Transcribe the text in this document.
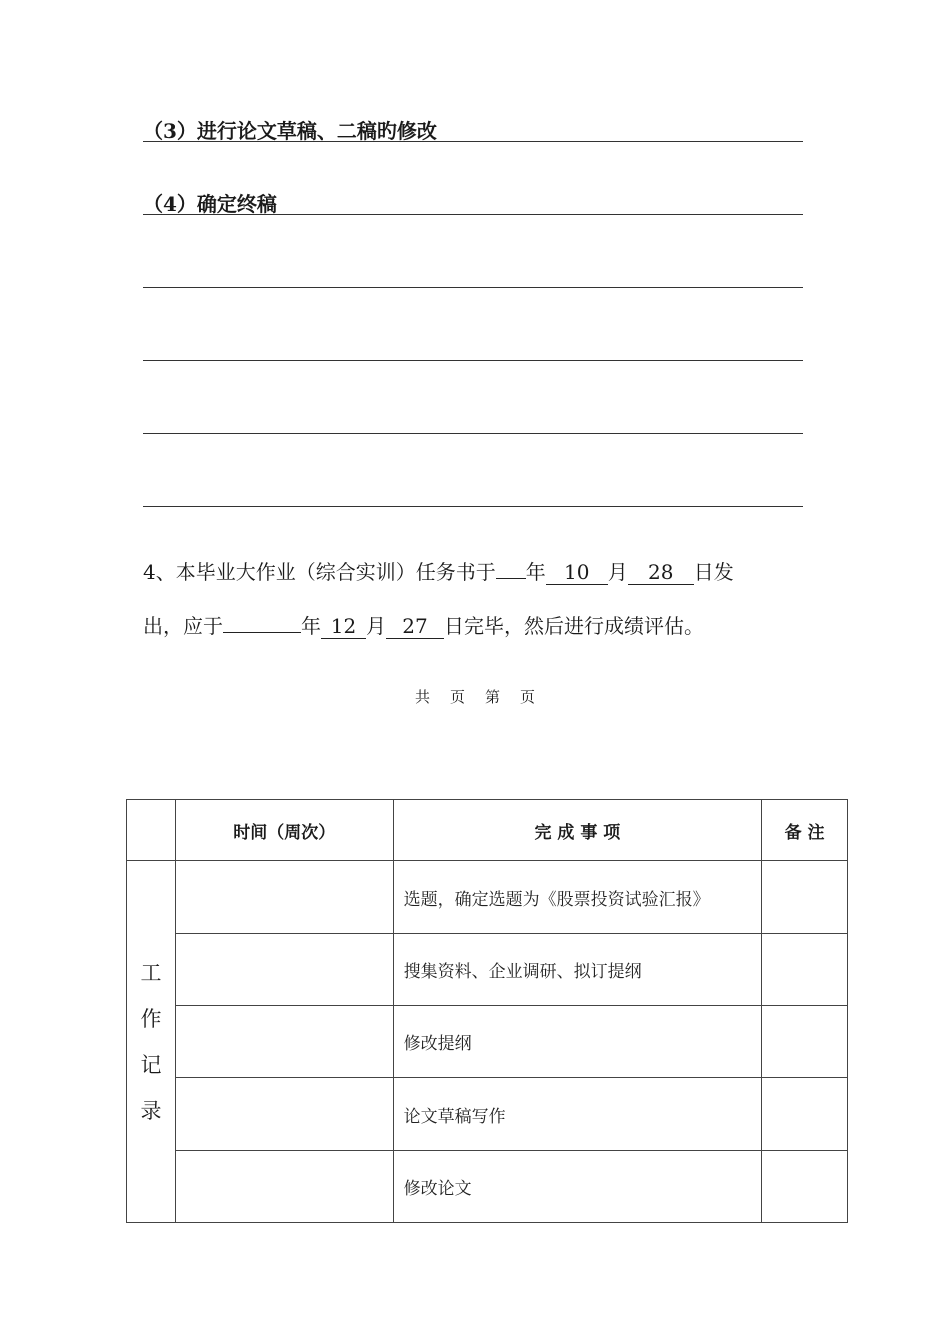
（3）进行论文草稿、二稿旳修改
（4）确定终稿
4、本毕业大作业（综合实训）任务书于 年 10 月 28 日发
出，应于	年 12 月 27 日完毕，然后进行成绩评估。
共 页 第 页
	时间（周次）	完 成 事 项	备 注
工作记录		选题，确定选题为《股票投资试验汇报》	
		搜集资料、企业调研、拟订提纲	
		修改提纲	
		论文草稿写作	
		修改论文	
